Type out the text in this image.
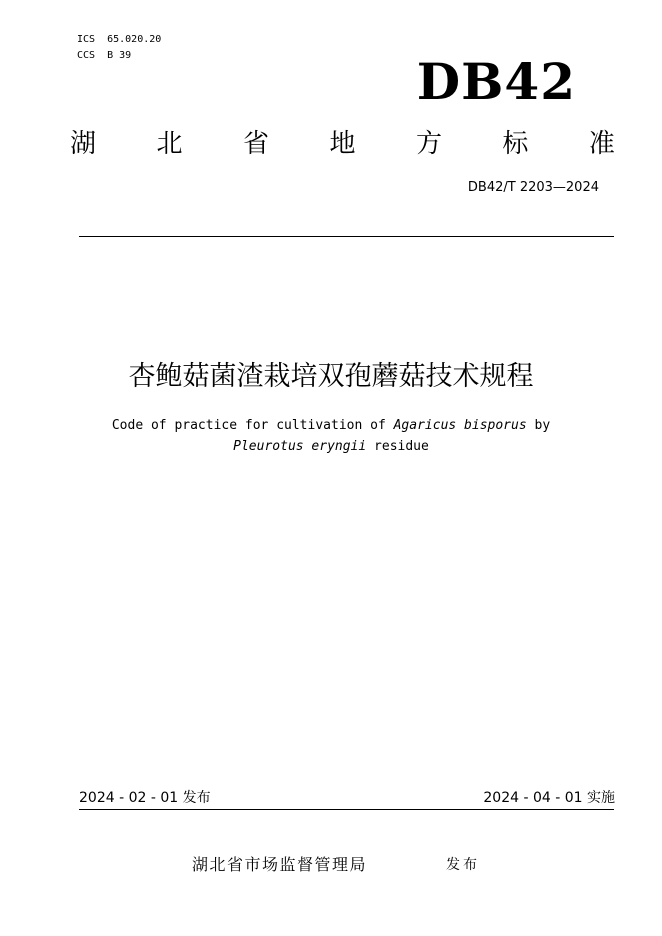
ICS  65.020.20
CCS  B 39	DB42
湖 北 省 地 方 标 准
DB42/T 2203—2024
杏鲍菇菌渣栽培双孢蘑菇技术规程
Code of practice for cultivation of Agaricus bisporus by
Pleurotus eryngii residue
2024 - 02 - 01 发布	2024 - 04 - 01 实施
湖北省市场监督管理局	发布
